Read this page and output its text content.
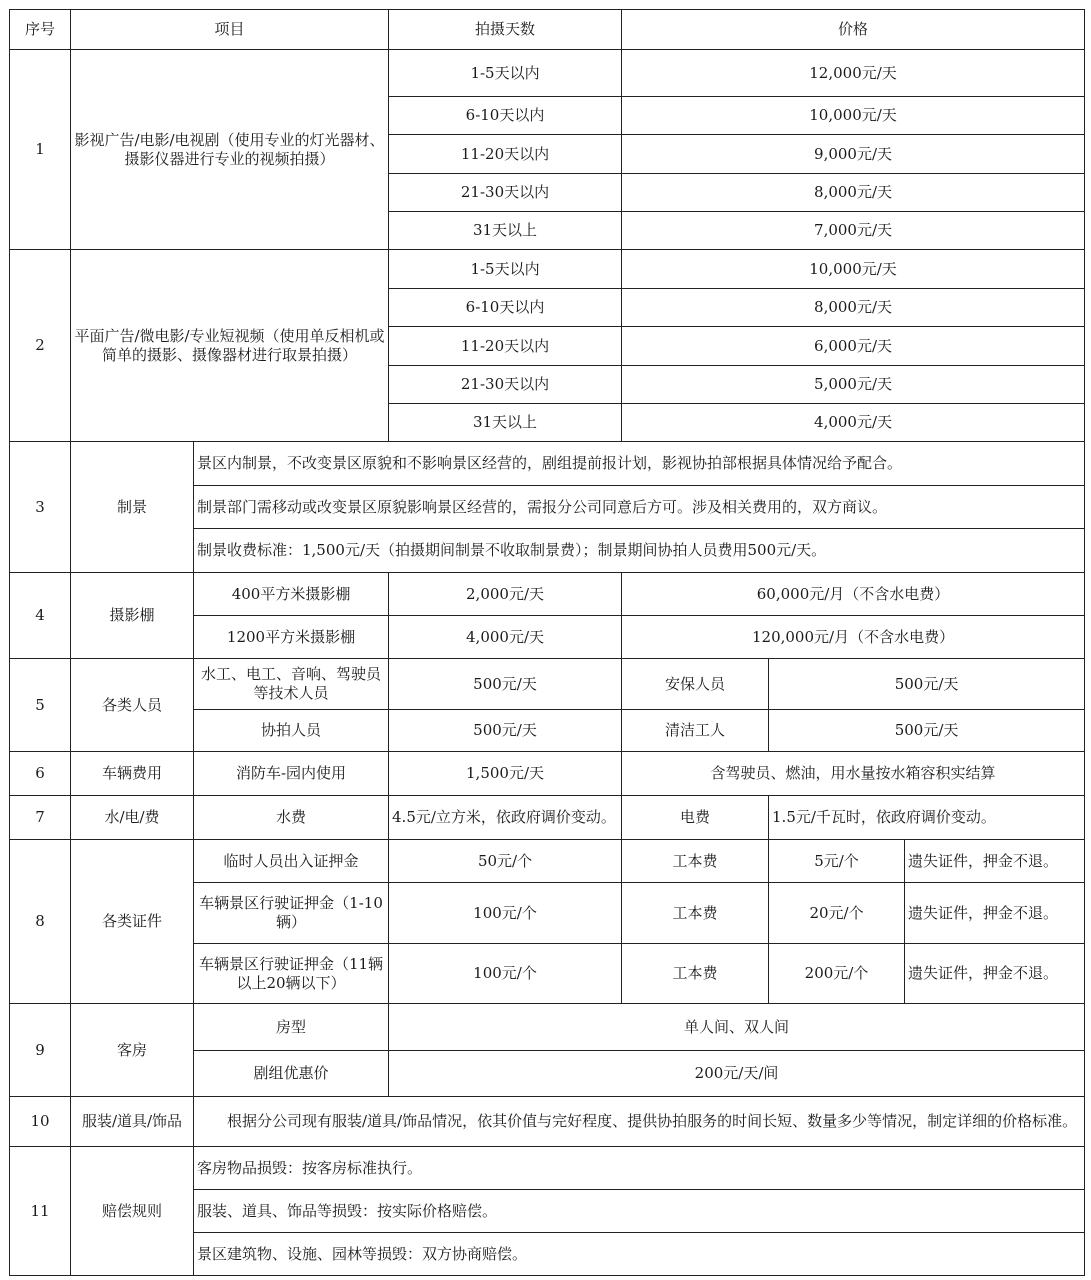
序号	项目		拍摄天数	价格		
1	影视广告/电影/电视剧（使用专业的灯光器材、摄影仪器进行专业的视频拍摄）		1-5天以内	12,000元/天		
			6-10天以内	10,000元/天		
			11-20天以内	9,000元/天		
			21-30天以内	8,000元/天		
			31天以上	7,000元/天		
2	平面广告/微电影/专业短视频（使用单反相机或简单的摄影、摄像器材进行取景拍摄）		1-5天以内	10,000元/天		
			6-10天以内	8,000元/天		
			11-20天以内	6,000元/天		
			21-30天以内	5,000元/天		
			31天以上	4,000元/天		
3	制景	景区内制景，不改变景区原貌和不影响景区经营的，剧组提前报计划，影视协拍部根据具体情况给予配合。				
		制景部门需移动或改变景区原貌影响景区经营的，需报分公司同意后方可。涉及相关费用的，双方商议。				
		制景收费标准：1,500元/天（拍摄期间制景不收取制景费）；制景期间协拍人员费用500元/天。				
4	摄影棚	400平方米摄影棚	2,000元/天	60,000元/月（不含水电费）		
		1200平方米摄影棚	4,000元/天	120,000元/月（不含水电费）		
5	各类人员	水工、电工、音响、驾驶员等技术人员	500元/天	安保人员	500元/天	
		协拍人员	500元/天	清洁工人	500元/天	
6	车辆费用	消防车-园内使用	1,500元/天	含驾驶员、燃油，用水量按水箱容积实结算		
7	水/电/费	水费	4.5元/立方米，依政府调价变动。	电费	1.5元/千瓦时，依政府调价变动。	
8	各类证件	临时人员出入证押金	50元/个	工本费	5元/个	遗失证件，押金不退。
		车辆景区行驶证押金（1-10辆）	100元/个	工本费	20元/个	遗失证件，押金不退。
		车辆景区行驶证押金（11辆以上20辆以下）	100元/个	工本费	200元/个	遗失证件，押金不退。
9	客房	房型	单人间、双人间			
		剧组优惠价	200元/天/间			
10	服装/道具/饰品	根据分公司现有服装/道具/饰品情况，依其价值与完好程度、提供协拍服务的时间长短、数量多少等情况，制定详细的价格标准。				
11	赔偿规则	客房物品损毁：按客房标准执行。				
		服装、道具、饰品等损毁：按实际价格赔偿。				
		景区建筑物、设施、园林等损毁：双方协商赔偿。				
